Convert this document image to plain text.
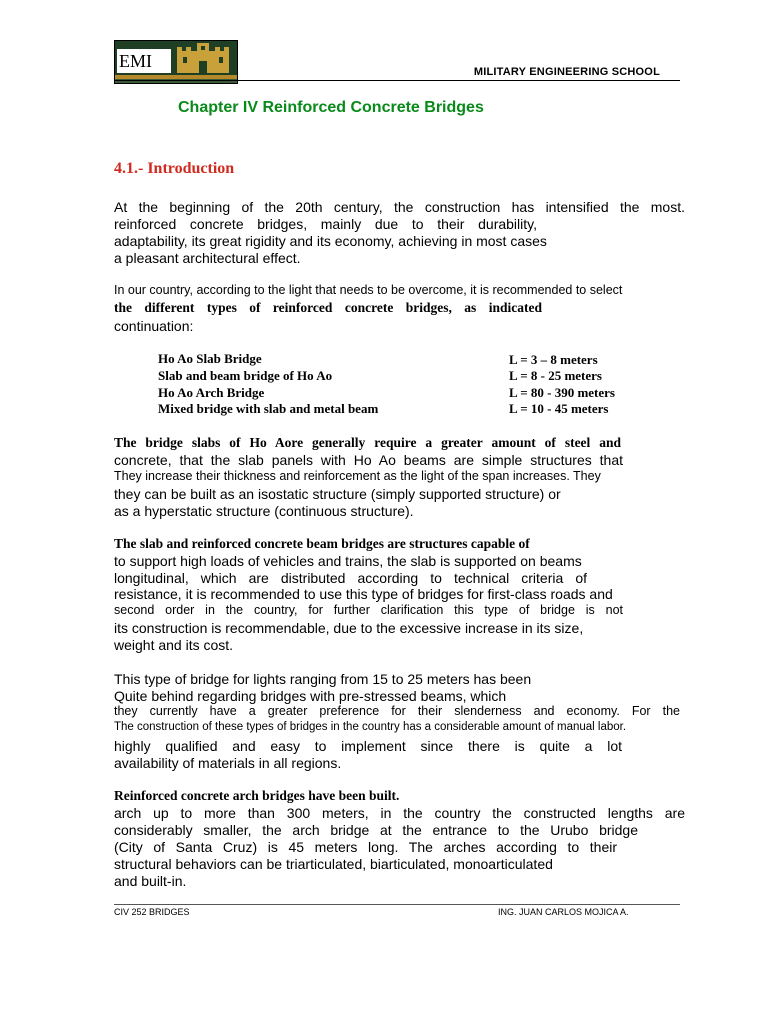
EMI
MILITARY ENGINEERING SCHOOL
Chapter IV Reinforced Concrete Bridges
4.1.- Introduction
At the beginning of the 20th century, the construction has intensified the most.
reinforced concrete bridges, mainly due to their durability,
adaptability, its great rigidity and its economy, achieving in most cases
a pleasant architectural effect.
In our country, according to the light that needs to be overcome, it is recommended to select
the different types of reinforced concrete bridges, as indicated
continuation:
Ho Ao Slab Bridge	L = 3 – 8 meters
Slab and beam bridge of Ho Ao	L = 8 - 25 meters
Ho Ao Arch Bridge	L = 80 - 390 meters
Mixed bridge with slab and metal beam	L = 10 - 45 meters
The bridge slabs of Ho Aore generally require a greater amount of steel and
concrete, that the slab panels with Ho Ao beams are simple structures that
They increase their thickness and reinforcement as the light of the span increases. They
they can be built as an isostatic structure (simply supported structure) or
as a hyperstatic structure (continuous structure).
The slab and reinforced concrete beam bridges are structures capable of
to support high loads of vehicles and trains, the slab is supported on beams
longitudinal, which are distributed according to technical criteria of
resistance, it is recommended to use this type of bridges for first-class roads and
second order in the country, for further clarification this type of bridge is not
its construction is recommendable, due to the excessive increase in its size,
weight and its cost.
This type of bridge for lights ranging from 15 to 25 meters has been
Quite behind regarding bridges with pre-stressed beams, which
they currently have a greater preference for their slenderness and economy. For the
The construction of these types of bridges in the country has a considerable amount of manual labor.
highly qualified and easy to implement since there is quite a lot
availability of materials in all regions.
Reinforced concrete arch bridges have been built.
arch up to more than 300 meters, in the country the constructed lengths are
considerably smaller, the arch bridge at the entrance to the Urubo bridge
(City of Santa Cruz) is 45 meters long. The arches according to their
structural behaviors can be triarticulated, biarticulated, monoarticulated
and built-in.
CIV 252 BRIDGES	ING. JUAN CARLOS MOJICA A.
